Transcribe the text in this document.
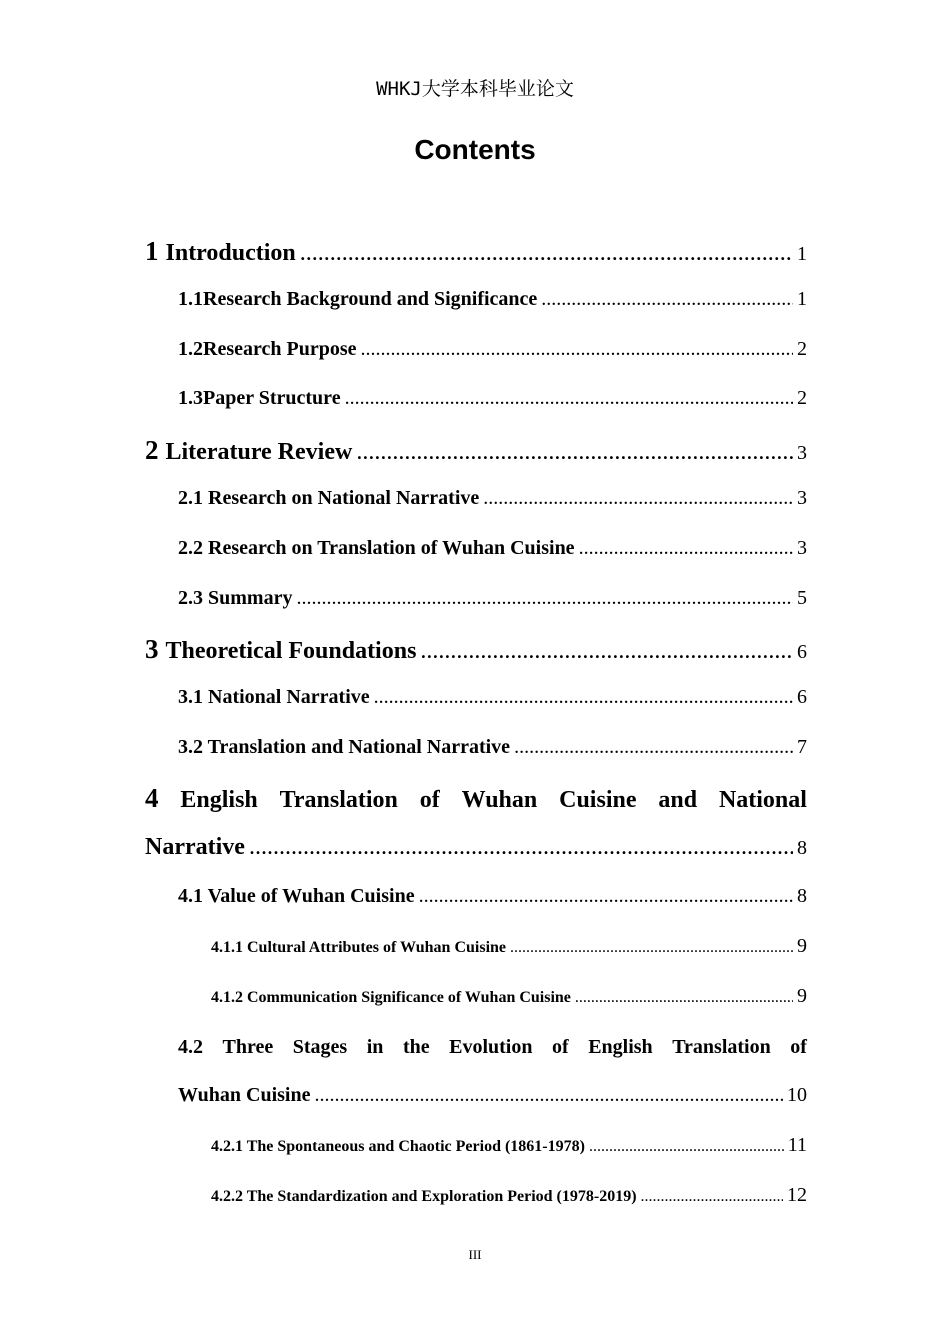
WHKJ大学本科毕业论文
Contents
1 Introduction .....	1
1.1Research Background and Significance .....	1
1.2Research Purpose .....	2
1.3Paper Structure .....	2
2 Literature Review .....	3
2.1 Research on National Narrative .....	3
2.2 Research on Translation of Wuhan Cuisine .....	3
2.3 Summary .....	5
3 Theoretical Foundations .....	6
3.1 National Narrative .....	6
3.2 Translation and National Narrative .....	7
4 English Translation of Wuhan Cuisine and National
Narrative .....	8
4.1 Value of Wuhan Cuisine .....	8
4.1.1 Cultural Attributes of Wuhan Cuisine .....	9
4.1.2 Communication Significance of Wuhan Cuisine .....	9
4.2 Three Stages in the Evolution of English Translation of
Wuhan Cuisine .....	10
4.2.1 The Spontaneous and Chaotic Period (1861-1978) .....	11
4.2.2 The Standardization and Exploration Period (1978-2019) .....	12
III
